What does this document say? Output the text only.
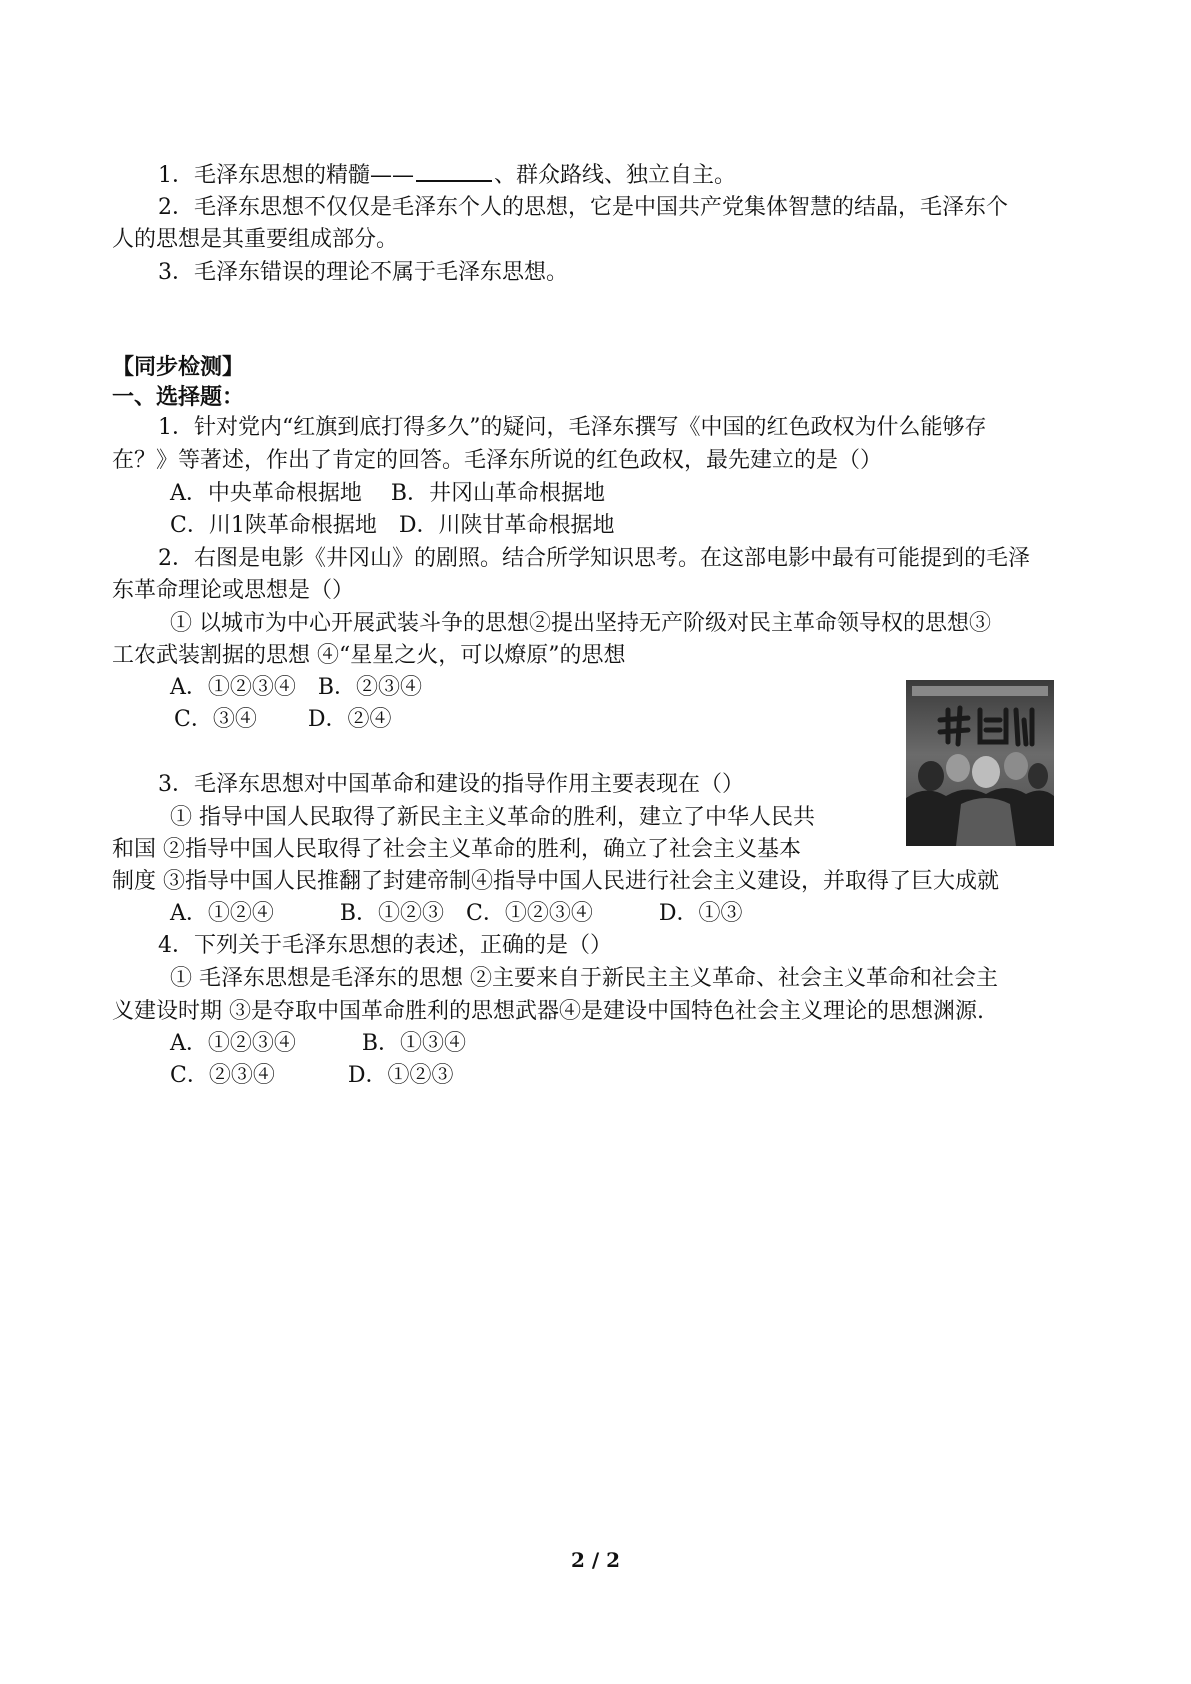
1．毛泽东思想的精髓——	、群众路线、独立自主。
2．毛泽东思想不仅仅是毛泽东个人的思想，它是中国共产党集体智慧的结晶，毛泽东个
人的思想是其重要组成部分。
3．毛泽东错误的理论不属于毛泽东思想。
【同步检测】
一、选择题：
1．针对党内“红旗到底打得多久”的疑问，毛泽东撰写《中国的红色政权为什么能够存
在？》等著述，作出了肯定的回答。毛泽东所说的红色政权，最先建立的是（）
A．中央革命根据地　 B．井冈山革命根据地
C．川1陕革命根据地　D．川陕甘革命根据地
2．右图是电影《井冈山》的剧照。结合所学知识思考。在这部电影中最有可能提到的毛泽
东革命理论或思想是（）
① 以城市为中心开展武装斗争的思想②提出坚持无产阶级对民主革命领导权的思想③
工农武装割据的思想 ④“星星之火，可以燎原”的思想
A．①②③④　B．②③④
C．③④　　 D．②④
3．毛泽东思想对中国革命和建设的指导作用主要表现在（）
① 指导中国人民取得了新民主主义革命的胜利，建立了中华人民共
和国 ②指导中国人民取得了社会主义革命的胜利，确立了社会主义基本
制度 ③指导中国人民推翻了封建帝制④指导中国人民进行社会主义建设，并取得了巨大成就
A．①②④　　　B．①②③　C．①②③④　　　D．①③
4．下列关于毛泽东思想的表述，正确的是（）
① 毛泽东思想是毛泽东的思想 ②主要来自于新民主主义革命、社会主义革命和社会主
义建设时期 ③是夺取中国革命胜利的思想武器④是建设中国特色社会主义理论的思想渊源.
A．①②③④　　　B．①③④
C．②③④　　　 D．①②③
2 / 2
